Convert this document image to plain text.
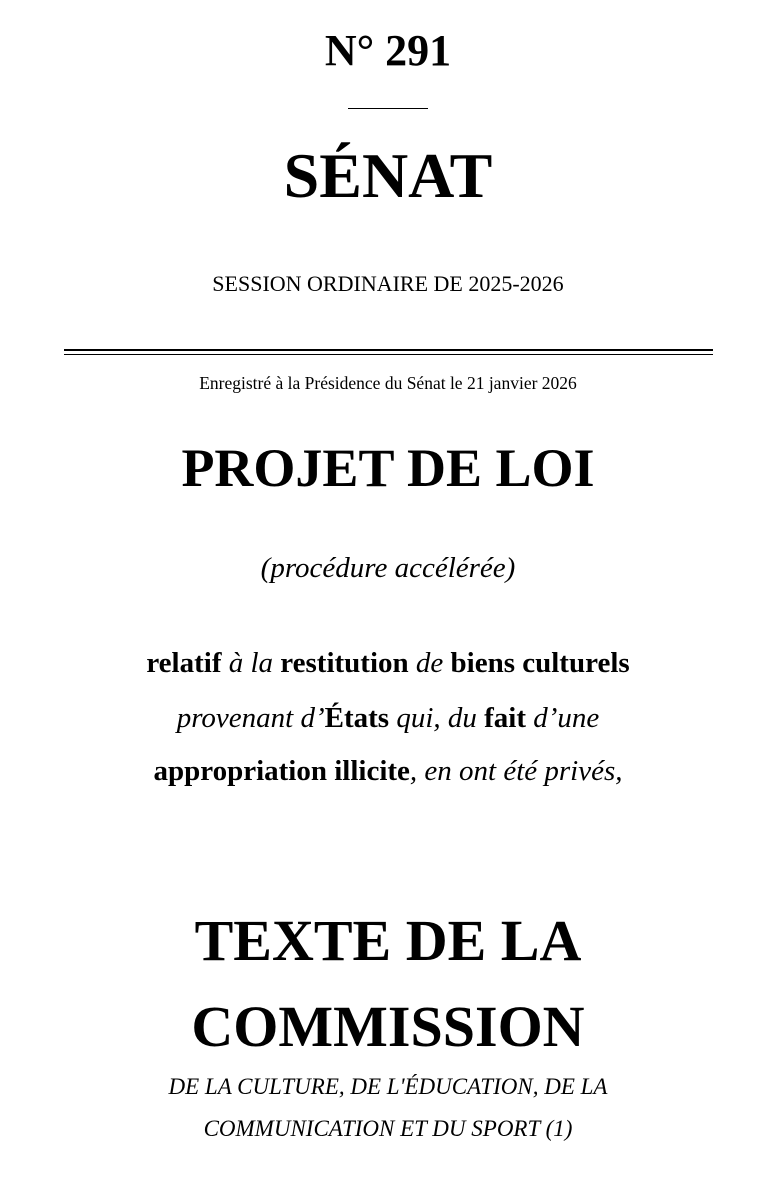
N° 291
SÉNAT
SESSION ORDINAIRE DE 2025-2026
Enregistré à la Présidence du Sénat le 21 janvier 2026
PROJET DE LOI
(procédure accélérée)
relatif à la restitution de biens culturels
provenant d’États qui, du fait d’une
appropriation illicite, en ont été privés,
TEXTE DE LA
COMMISSION
DE LA CULTURE, DE L'ÉDUCATION, DE LA
COMMUNICATION ET DU SPORT (1)
